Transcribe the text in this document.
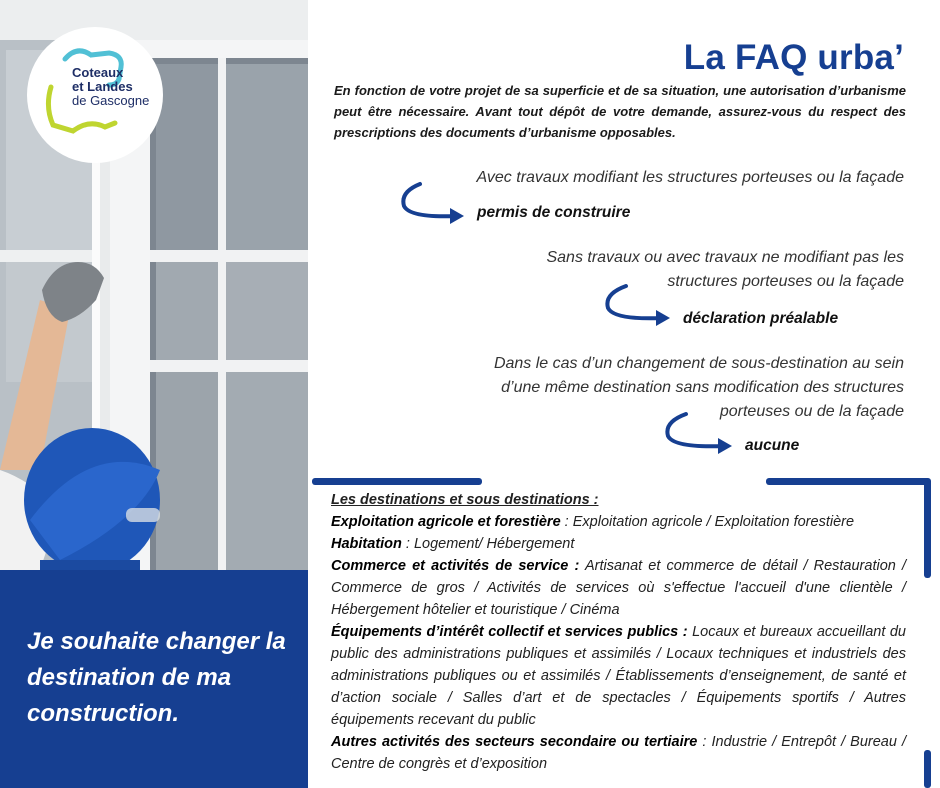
Coteaux
et Landes
de Gascogne
Je souhaite changer la destination de ma construction.
La FAQ urba’
En fonction de votre projet de sa superficie et de sa situation, une autorisation d’urbanisme peut être nécessaire. Avant tout dépôt de votre demande, assurez-vous du respect des prescriptions des documents d’urbanisme opposables.
Avec travaux modifiant les structures porteuses ou la façade
permis de construire
Sans travaux ou avec travaux ne modifiant pas les
structures porteuses ou la façade
déclaration préalable
Dans le cas d’un changement de sous-destination au sein
d’une même destination sans modification des structures
porteuses ou de la façade
aucune
Les destinations et sous destinations :

Exploitation agricole et forestière : Exploitation agricole / Exploitation forestière

Habitation : Logement/ Hébergement

Commerce et activités de service : Artisanat et commerce de détail / Restauration / Commerce de gros / Activités de services où s'effectue l'accueil d'une clientèle / Hébergement hôtelier et touristique / Cinéma

Équipements d’intérêt collectif et services publics : Locaux et bureaux accueillant du public des administrations publiques et assimilés / Locaux techniques et industriels des administrations publiques ou et assimilés / Établissements d’enseignement, de santé et d’action sociale / Salles d’art et de spectacles / Équipements sportifs / Autres équipements recevant du public

Autres activités des secteurs secondaire ou tertiaire : Industrie / Entrepôt / Bureau / Centre de congrès et d’exposition
